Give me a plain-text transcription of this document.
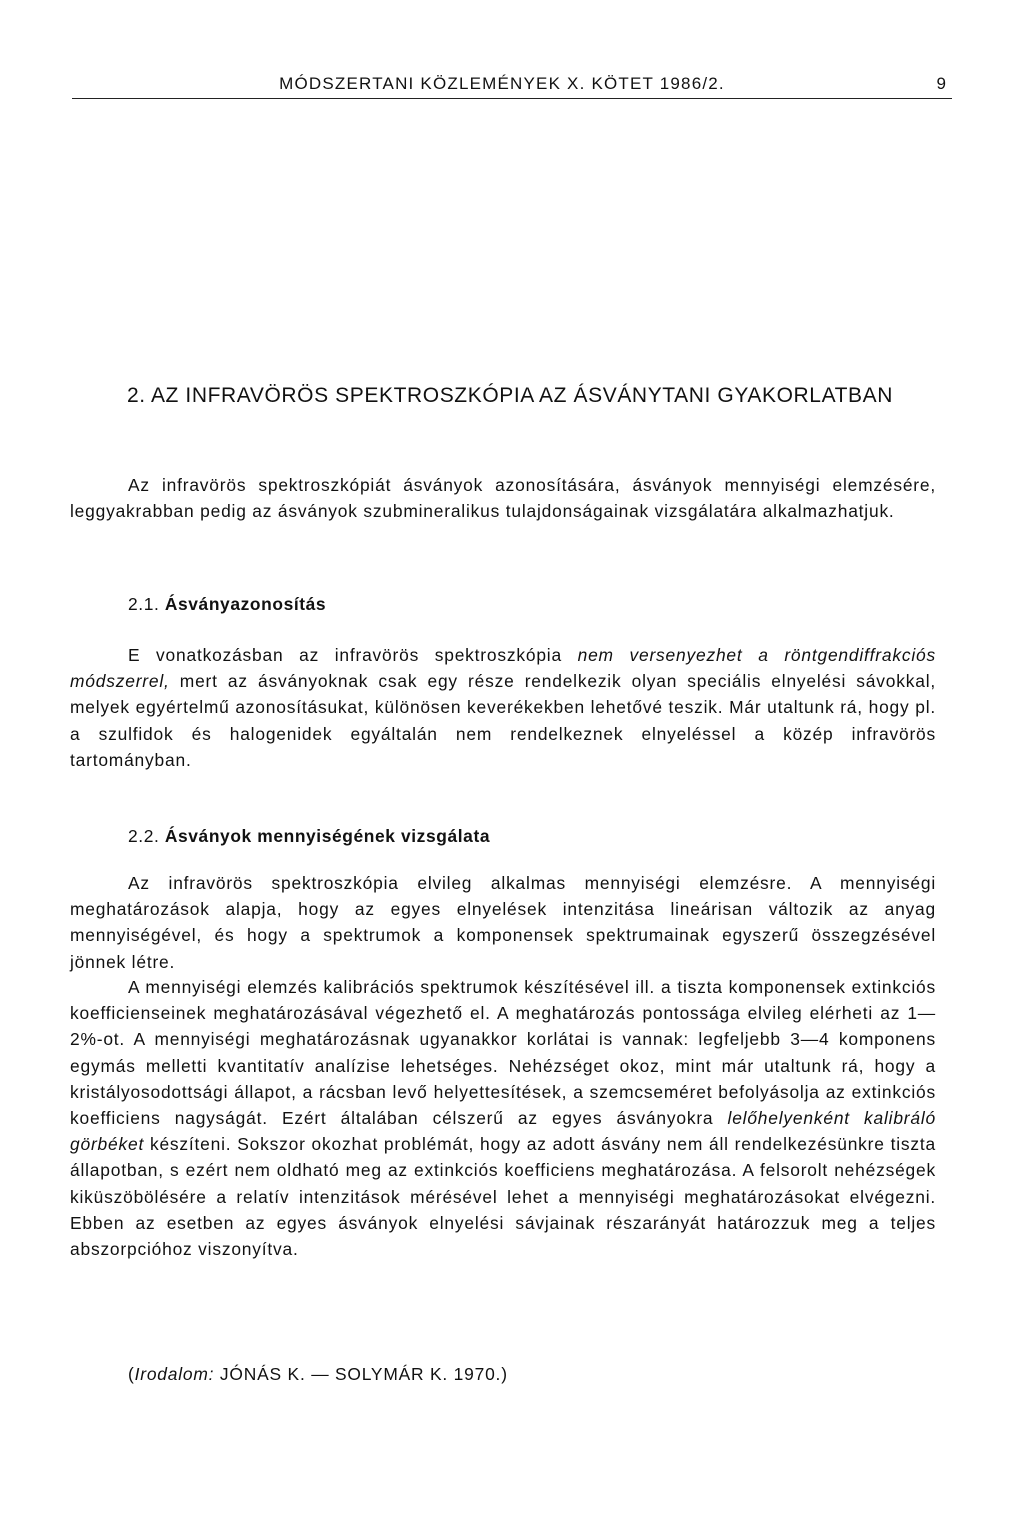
MÓDSZERTANI KÖZLEMÉNYEK X. KÖTET 1986/2.	9
2. AZ INFRAVÖRÖS SPEKTROSZKÓPIA AZ ÁSVÁNYTANI GYAKORLATBAN

Az infravörös spektroszkópiát ásványok azonosítására, ásványok mennyiségi elemzésére, leggyakrabban pedig az ásványok szubmineralikus tulajdonságainak vizsgálatára alkalmazhatjuk.

2.1. Ásványazonosítás

E vonatkozásban az infravörös spektroszkópia nem versenyezhet a röntgendiffrakciós módszerrel, mert az ásványoknak csak egy része rendelkezik olyan speciális elnyelési sávokkal, melyek egyértelmű azonosításukat, különösen keverékekben lehetővé teszik. Már utaltunk rá, hogy pl. a szulfidok és halogenidek egyáltalán nem rendelkeznek elnyeléssel a közép infravörös tartományban.

2.2. Ásványok mennyiségének vizsgálata

Az infravörös spektroszkópia elvileg alkalmas mennyiségi elemzésre. A mennyiségi meghatározások alapja, hogy az egyes elnyelések intenzitása lineárisan változik az anyag mennyiségével, és hogy a spektrumok a komponensek spektrumainak egyszerű összegzésével jönnek létre.

A mennyiségi elemzés kalibrációs spektrumok készítésével ill. a tiszta komponensek extinkciós koefficienseinek meghatározásával végezhető el. A meghatározás pontossága elvileg elérheti az 1—2%-ot. A mennyiségi meghatározásnak ugyanakkor korlátai is vannak: legfeljebb 3—4 komponens egymás melletti kvantitatív analízise lehetséges. Nehézséget okoz, mint már utaltunk rá, hogy a kristályosodottsági állapot, a rácsban levő helyettesítések, a szemcseméret befolyásolja az extinkciós koefficiens nagyságát. Ezért általában célszerű az egyes ásványokra lelőhelyenként kalibráló görbéket készíteni. Sokszor okozhat problémát, hogy az adott ásvány nem áll rendelkezésünkre tiszta állapotban, s ezért nem oldható meg az extinkciós koefficiens meghatározása. A felsorolt nehézségek kiküszöbölésére a relatív intenzitások mérésével lehet a mennyiségi meghatározásokat elvégezni. Ebben az esetben az egyes ásványok elnyelési sávjainak részarányát határozzuk meg a teljes abszorpcióhoz viszonyítva.

(Irodalom: JÓNÁS K. — SOLYMÁR K. 1970.)
